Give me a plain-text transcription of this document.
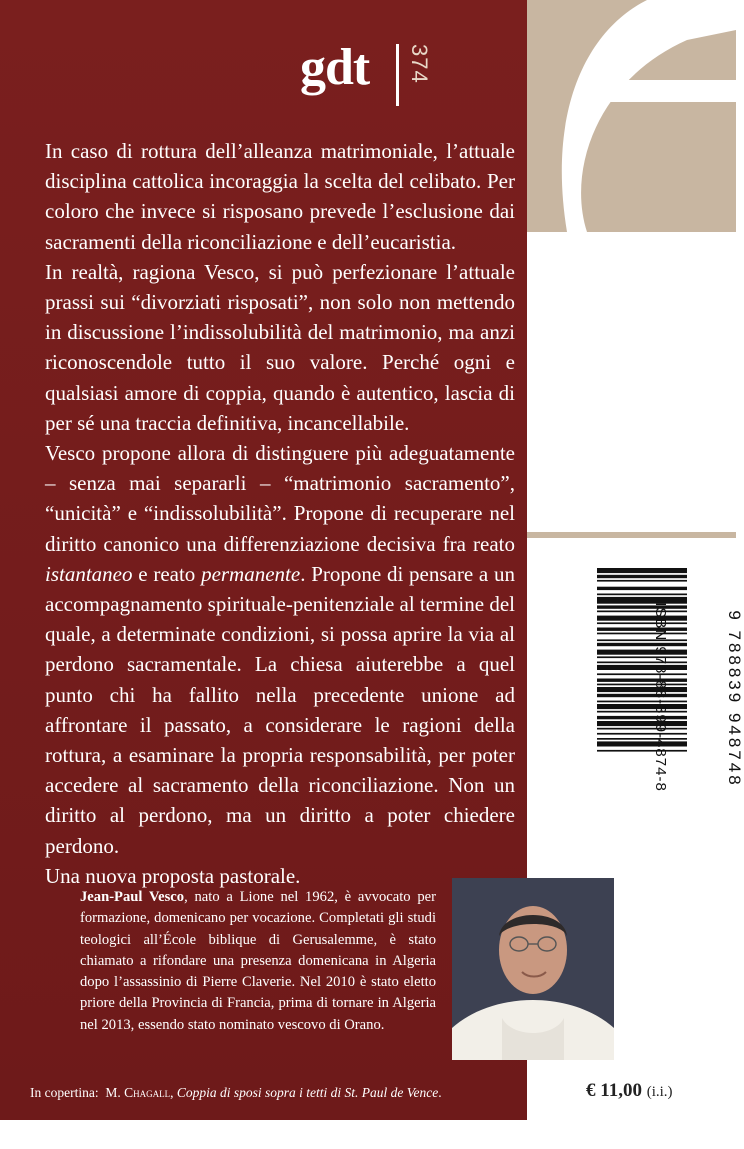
gdt 374

In caso di rottura dell’alleanza matrimoniale, l’attuale disciplina cattolica incoraggia la scelta del celibato. Per coloro che invece si risposano prevede l’esclusione dai sacramenti della riconciliazione e dell’eucaristia.

In realtà, ragiona Vesco, si può perfezionare l’attuale prassi sui “divorziati risposati”, non solo non mettendo in discussione l’indissolubilità del matrimonio, ma anzi riconoscendole tutto il suo valore. Perché ogni e qualsiasi amore di coppia, quando è autentico, lascia di per sé una traccia definitiva, incancellabile.

Vesco propone allora di distinguere più adeguatamente – senza mai separarli – “matrimonio sacramento”, “unicità” e “indissolubilità”. Propone di recuperare nel diritto canonico una differenziazione decisiva fra reato istantaneo e reato permanente. Propone di pensare a un accompagnamento spirituale-penitenziale al termine del quale, a determinate condizioni, si possa aprire la via al perdono sacramentale. La chiesa aiuterebbe a quel punto chi ha fallito nella precedente unione ad affrontare il passato, a considerare le ragioni della rottura, a esaminare la propria responsabilità, per poter accedere al sacramento della riconciliazione. Non un diritto al perdono, ma un diritto a poter chiedere perdono.

Una nuova proposta pastorale.

Jean-Paul Vesco, nato a Lione nel 1962, è avvocato per formazione, domenicano per vocazione. Completati gli studi teologici all’École biblique di Gerusalemme, è stato chiamato a rifondare una presenza domenicana in Algeria dopo l’assassinio di Pierre Claverie. Nel 2010 è stato eletto priore della Provincia di Francia, prima di tornare in Algeria nel 2013, essendo stato nominato vescovo di Orano.
In copertina: M. Chagall, Coppia di sposi sopra i tetti di St. Paul de Vence.	€ 11,00 (i.i.)
ISBN 978-88-399-4874-8	9 788839 948748
